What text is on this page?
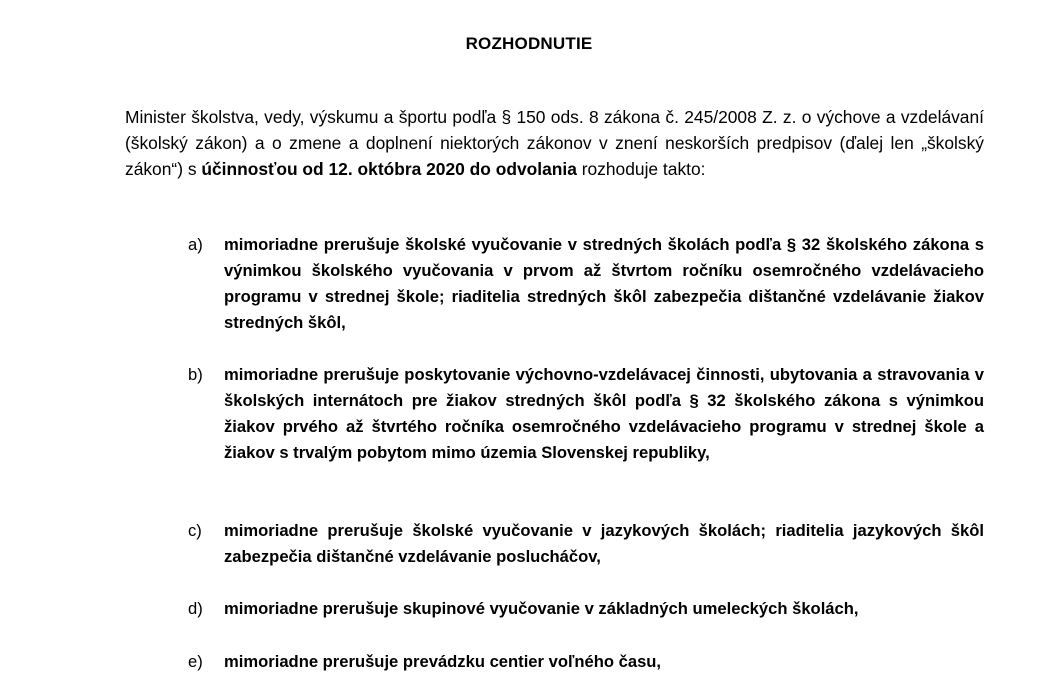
ROZHODNUTIE

Minister školstva, vedy, výskumu a športu podľa § 150 ods. 8 zákona č. 245/2008 Z. z. o výchove a vzdelávaní (školský zákon) a o zmene a doplnení niektorých zákonov v znení neskorších predpisov (ďalej len „školský zákon“) s účinnosťou od 12. októbra 2020 do odvolania rozhoduje takto:

a)	mimoriadne prerušuje školské vyučovanie v stredných školách podľa § 32 školského zákona s výnimkou školského vyučovania v prvom až štvrtom ročníku osemročného vzdelávacieho programu v strednej škole; riaditelia stredných škôl zabezpečia dištančné vzdelávanie žiakov stredných škôl,
b)	mimoriadne prerušuje poskytovanie výchovno-vzdelávacej činnosti, ubytovania a stravovania v školských internátoch pre žiakov stredných škôl podľa § 32 školského zákona s výnimkou žiakov prvého až štvrtého ročníka osemročného vzdelávacieho programu v strednej škole a žiakov s trvalým pobytom mimo územia Slovenskej republiky,
c)	mimoriadne prerušuje školské vyučovanie v jazykových školách; riaditelia jazykových škôl zabezpečia dištančné vzdelávanie poslucháčov,
d)	mimoriadne prerušuje skupinové vyučovanie v základných umeleckých školách,
e)	mimoriadne prerušuje prevádzku centier voľného času,
